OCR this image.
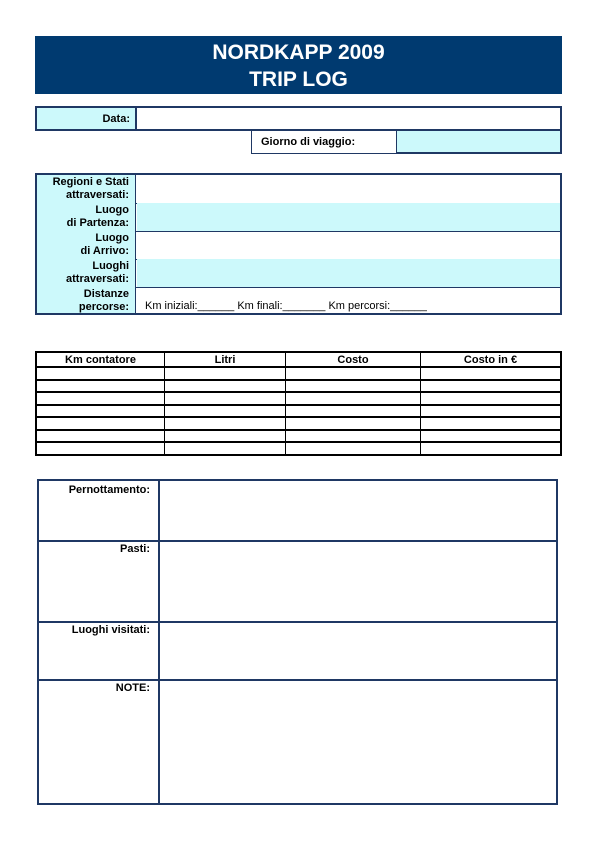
NORDKAPP 2009
TRIP LOG
Data:
Giorno di viaggio:
Regioni e Stati
attraversati:
Luogo
di Partenza:
Luogo
di Arrivo:
Luoghi
attraversati:
Distanze
percorse:	Km iniziali:______ Km finali:_______ Km percorsi:______
Km contatore	Litri	Costo	Costo in €

Pernottamento:
Pasti:
Luoghi visitati:
NOTE:
